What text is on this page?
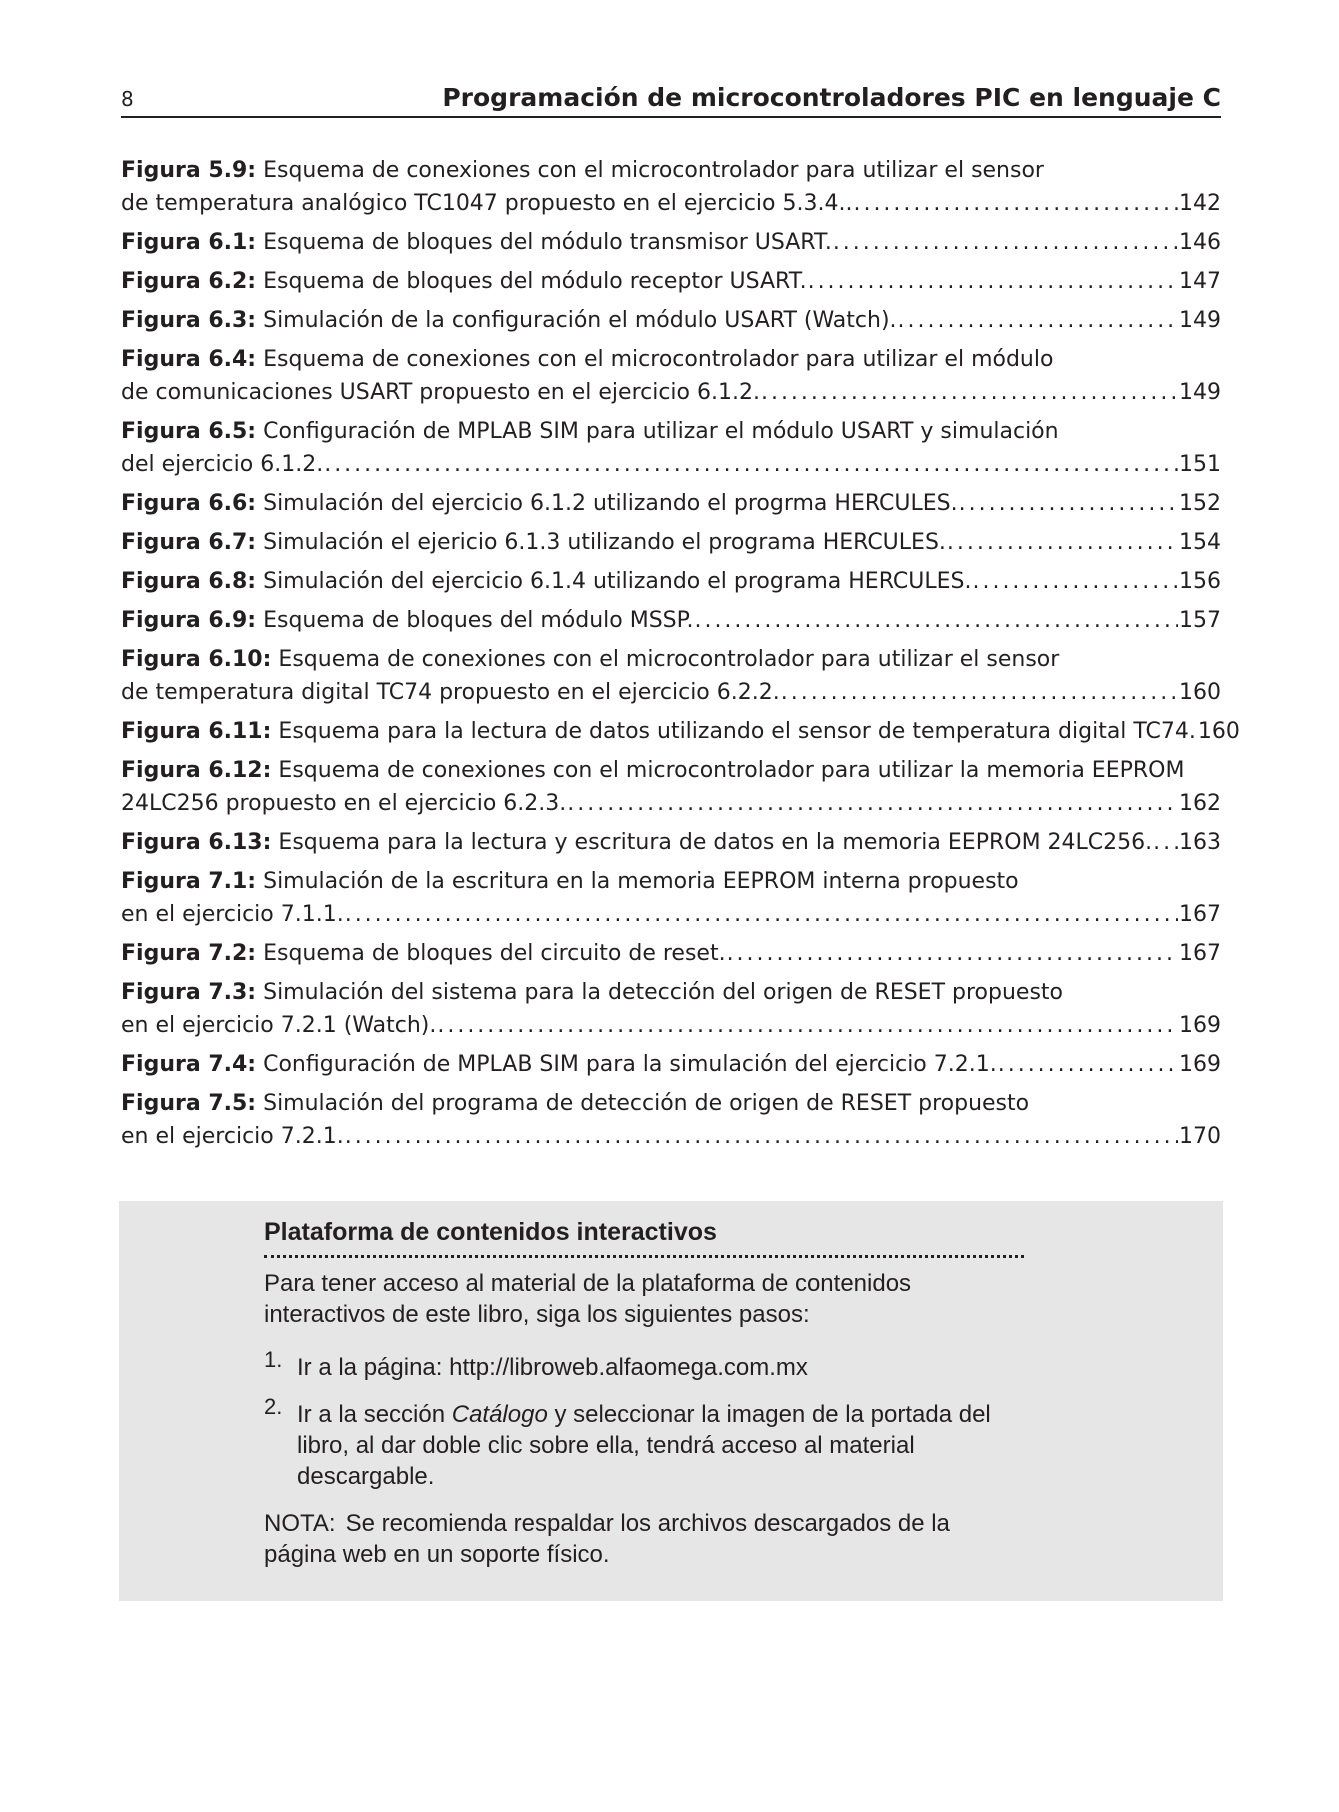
8	Programación de microcontroladores PIC en lenguaje C
Figura 5.9:
Esquema de conexiones con el microcontrolador para utilizar el sensor
de temperatura analógico TC1047 propuesto en el ejercicio 5.3.4.. . . .	142
Figura 6.1:
Esquema de bloques del módulo transmisor USART. . . .	146
Figura 6.2:
Esquema de bloques del módulo receptor USART. . . .	147
Figura 6.3:
Simulación de la configuración el módulo USART (Watch). . . .	149
Figura 6.4:
Esquema de conexiones con el microcontrolador para utilizar el módulo
de comunicaciones USART propuesto en el ejercicio 6.1.2. . . .	149
Figura 6.5:
Configuración de MPLAB SIM para utilizar el módulo USART y simulación
del ejercicio 6.1.2. . . .	151
Figura 6.6:
Simulación del ejercicio 6.1.2 utilizando el progrma HERCULES. . . .	152
Figura 6.7:
Simulación el ejericio 6.1.3 utilizando el programa HERCULES. . . .	154
Figura 6.8:
Simulación del ejercicio 6.1.4 utilizando el programa HERCULES. . . .	156
Figura 6.9:
Esquema de bloques del módulo MSSP. . . .	157
Figura 6.10:
Esquema de conexiones con el microcontrolador para utilizar el sensor
de temperatura digital TC74 propuesto en el ejercicio 6.2.2. . . .	160
Figura 6.11:
Esquema para la lectura de datos utilizando el sensor de temperatura digital TC74. 160
Figura 6.12:
Esquema de conexiones con el microcontrolador para utilizar la memoria EEPROM
24LC256 propuesto en el ejercicio 6.2.3. . . .	162
Figura 6.13:
Esquema para la lectura y escritura de datos en la memoria EEPROM 24LC256. . . . 163
Figura 7.1:
Simulación de la escritura en la memoria EEPROM interna propuesto
en el ejercicio 7.1.1. . . .	167
Figura 7.2:
Esquema de bloques del circuito de reset. . . .	167
Figura 7.3:
Simulación del sistema para la detección del origen de RESET propuesto
en el ejercicio 7.2.1 (Watch). . . .	169
Figura 7.4:
Configuración de MPLAB SIM para la simulación del ejercicio 7.2.1. . . .	169
Figura 7.5:
Simulación del programa de detección de origen de RESET propuesto
en el ejercicio 7.2.1. . . .	170
Plataforma de contenidos interactivos
Para tener acceso al material de la plataforma de contenidos interactivos de este libro, siga los siguientes pasos:
1. Ir a la página: http://libroweb.alfaomega.com.mx
2. Ir a la sección Catálogo y seleccionar la imagen de la portada del libro, al dar doble clic sobre ella, tendrá acceso al material descargable.
NOTA: Se recomienda respaldar los archivos descargados de la página web en un soporte físico.
